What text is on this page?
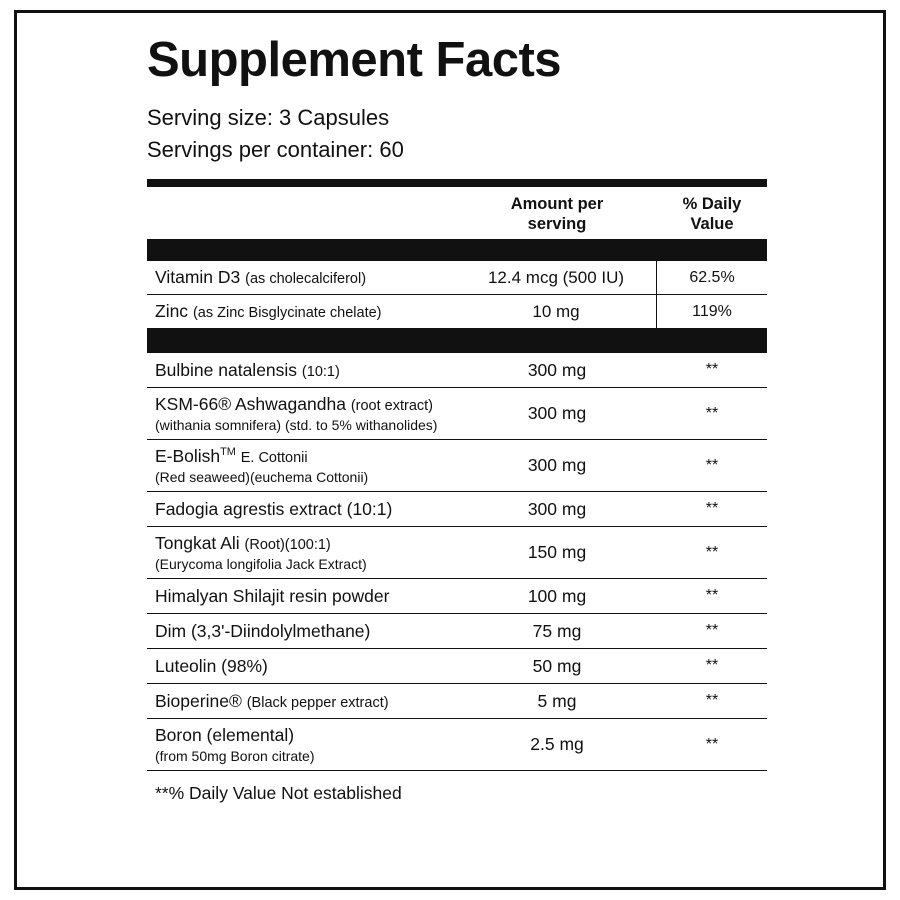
Supplement Facts
Serving size: 3 Capsules
Servings per container: 60
Amount per
serving
% Daily
Value
Vitamin D3 (as cholecalciferol)	12.4 mcg (500 IU)	62.5%
Zinc (as Zinc Bisglycinate chelate)	10 mg	119%
Bulbine natalensis (10:1)	300 mg	**
KSM-66® Ashwagandha (root extract)
(withania somnifera) (std. to 5% withanolides)
300 mg	**
E-Bolish™ E. Cottonii
(Red seaweed)(euchema Cottonii)
300 mg	**
Fadogia agrestis extract (10:1)	300 mg	**
Tongkat Ali (Root)(100:1)
(Eurycoma longifolia Jack Extract)
150 mg	**
Himalyan Shilajit resin powder	100 mg	**
Dim (3,3'-Diindolylmethane)	75 mg	**
Luteolin (98%)	50 mg	**
Bioperine® (Black pepper extract)	5 mg	**
Boron (elemental)
(from 50mg Boron citrate)
2.5 mg	**
**% Daily Value Not established
